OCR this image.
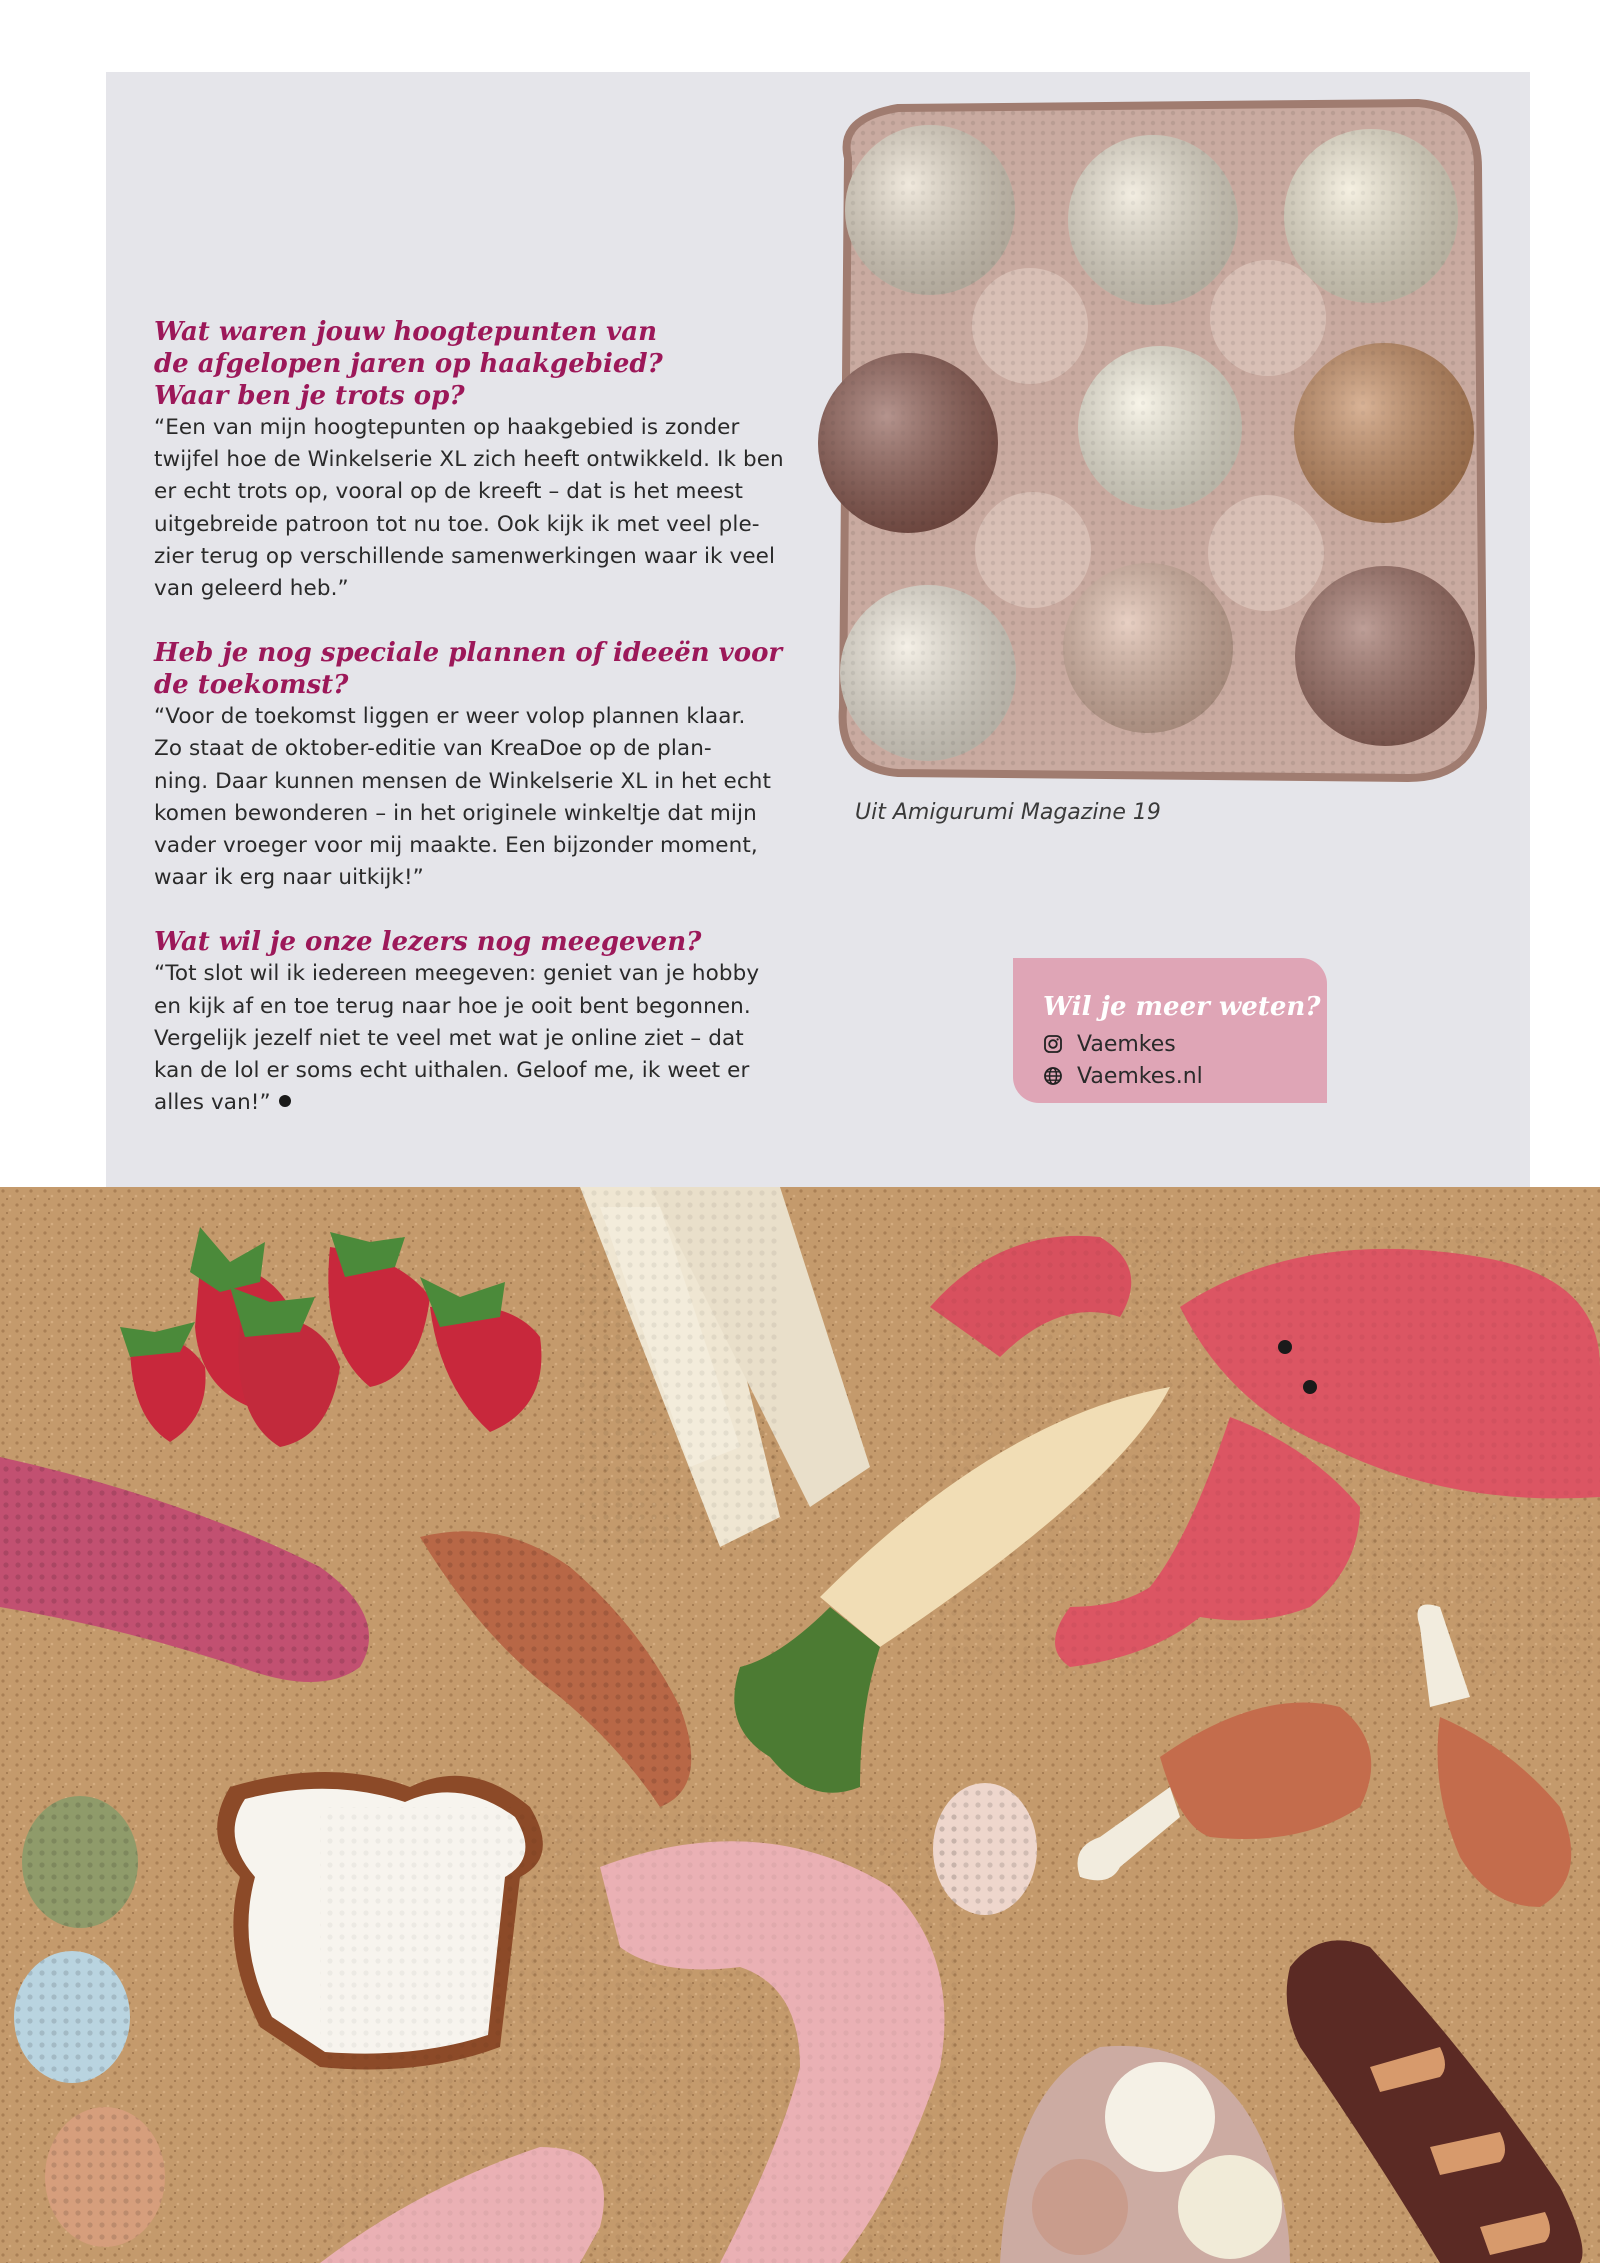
Wat waren jouw hoogtepunten van
de afgelopen jaren op haakgebied?
Waar ben je trots op?

“Een van mijn hoogtepunten op haakgebied is zonder
twijfel hoe de Winkelserie XL zich heeft ontwikkeld. Ik ben
er echt trots op, vooral op de kreeft – dat is het meest
uitgebreide patroon tot nu toe. Ook kijk ik met veel ple-
zier terug op verschillende samenwerkingen waar ik veel
van geleerd heb.”

Heb je nog speciale plannen of ideeën voor
de toekomst?

“Voor de toekomst liggen er weer volop plannen klaar.
Zo staat de oktober-editie van KreaDoe op de plan-
ning. Daar kunnen mensen de Winkelserie XL in het echt
komen bewonderen – in het originele winkeltje dat mijn
vader vroeger voor mij maakte. Een bijzonder moment,
waar ik erg naar uitkijk!”

Wat wil je onze lezers nog meegeven?

“Tot slot wil ik iedereen meegeven: geniet van je hobby
en kijk af en toe terug naar hoe je ooit bent begonnen.
Vergelijk jezelf niet te veel met wat je online ziet – dat
kan de lol er soms echt uithalen. Geloof me, ik weet er
alles van!”

Uit Amigurumi Magazine 19

Wil je meer weten?

Vaemkes
Vaemkes.nl
